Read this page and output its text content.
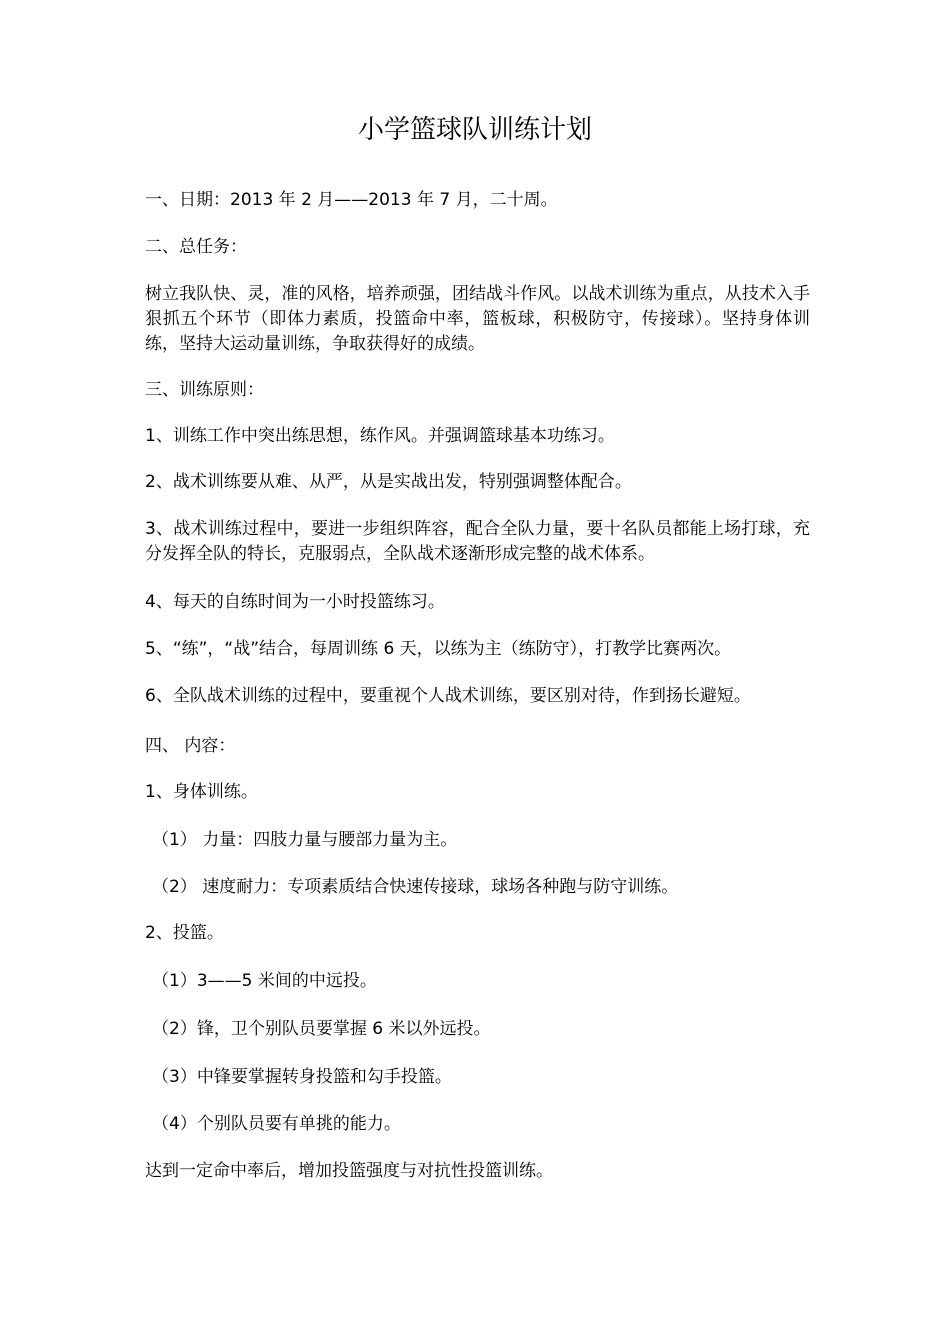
小学篮球队训练计划

一、日期：2013 年 2 月——2013 年 7 月，二十周。

二、总任务：

树立我队快、灵，准的风格，培养顽强，团结战斗作风。以战术训练为重点，从技术入手狠抓五个环节（即体力素质，投篮命中率，篮板球，积极防守，传接球）。坚持身体训练，坚持大运动量训练，争取获得好的成绩。

三、训练原则：

1、训练工作中突出练思想，练作风。并强调篮球基本功练习。

2、战术训练要从难、从严，从是实战出发，特别强调整体配合。

3、战术训练过程中，要进一步组织阵容，配合全队力量，要十名队员都能上场打球，充分发挥全队的特长，克服弱点，全队战术逐渐形成完整的战术体系。

4、每天的自练时间为一小时投篮练习。

5、“练”，“战”结合，每周训练 6 天，以练为主（练防守），打教学比赛两次。

6、全队战术训练的过程中，要重视个人战术训练，要区别对待，作到扬长避短。

四、 内容：

1、身体训练。

（1） 力量：四肢力量与腰部力量为主。

（2） 速度耐力：专项素质结合快速传接球，球场各种跑与防守训练。

2、投篮。

（1）3——5 米间的中远投。

（2）锋，卫个别队员要掌握 6 米以外远投。

（3）中锋要掌握转身投篮和勾手投篮。

（4）个别队员要有单挑的能力。

达到一定命中率后，增加投篮强度与对抗性投篮训练。
